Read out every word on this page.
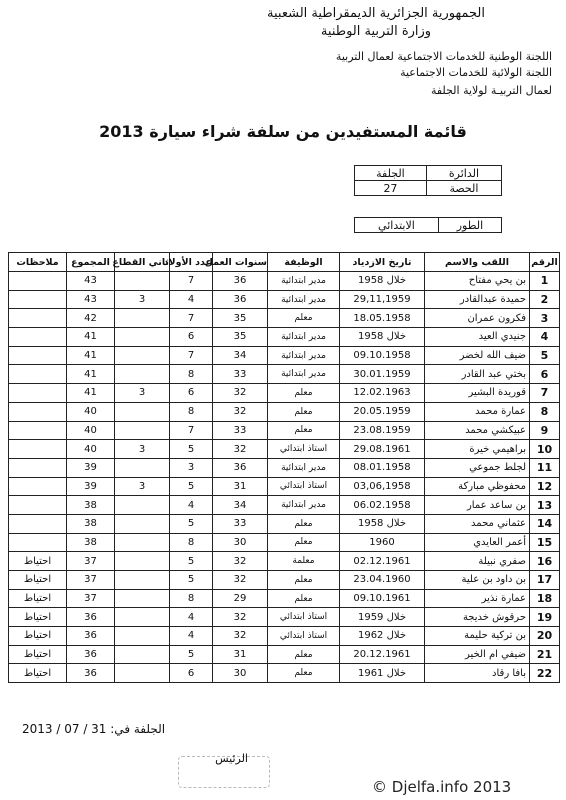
الجمهورية الجزائرية الديمقراطية الشعبية
وزارة التربية الوطنية
اللجنة الوطنية للخدمات الاجتماعية لعمال التربية
اللجنة الولائية للخدمات الاجتماعية
لعمال التربيـة لولاية الجلفة
قائمة المستفيدين من سلفة شراء سيارة 2013
الدائرة	الجلفة
الحصة	27
الطور	الابتدائي
الرقم	اللقب والاسم	تاريخ الازدياد	الوظيفة	سنوات العمل	عدد الأولاد	ثاني القطاع	المجموع	ملاحظات
1	بن يحي مفتاح	خلال 1958	مدير ابتدائية	36	7		43	
2	حميدة عبدالقادر	29,11,1959	مدير ابتدائية	36	4	3	43	
3	فكرون عمران	18.05.1958	معلم	35	7		42	
4	جنيدي العيد	خلال 1958	مدير ابتدائية	35	6		41	
5	ضيف الله لخضر	09.10.1958	مدير ابتدائية	34	7		41	
6	بختي عبد القادر	30.01.1959	مدير ابتدائية	33	8		41	
7	قوريدة البشير	12.02.1963	معلم	32	6	3	41	
8	عمارة محمد	20.05.1959	معلم	32	8		40	
9	عبيكشي محمد	23.08.1959	معلم	33	7		40	
10	براهيمي خيرة	29.08.1961	استاذ ابتدائي	32	5	3	40	
11	لجلط جموعي	08.01.1958	مدير ابتدائية	36	3		39	
12	محفوظي مباركة	03,06,1958	استاذ ابتدائي	31	5	3	39	
13	بن ساعد عمار	06.02.1958	مدير ابتدائية	34	4		38	
14	عثماني محمد	خلال 1958	معلم	33	5		38	
15	أعمر العايدي	1960	معلم	30	8		38	
16	صفري نبيلة	02.12.1961	معلمة	32	5		37	احتياط
17	بن داود بن علية	23.04.1960	معلم	32	5		37	احتياط
18	عمارة نذير	09.10.1961	معلم	29	8		37	احتياط
19	حرقوش خديجة	خلال 1959	استاذ ابتدائي	32	4		36	احتياط
20	بن تركية حليمة	خلال 1962	استاذ ابتدائي	32	4		36	احتياط
21	ضيفي ام الخير	20.12.1961	معلم	31	5		36	احتياط
22	بافا رقاد	خلال 1961	معلم	30	6		36	احتياط
الجلفة في: 31 / 07 / 2013
الرئيس
© Djelfa.info 2013
